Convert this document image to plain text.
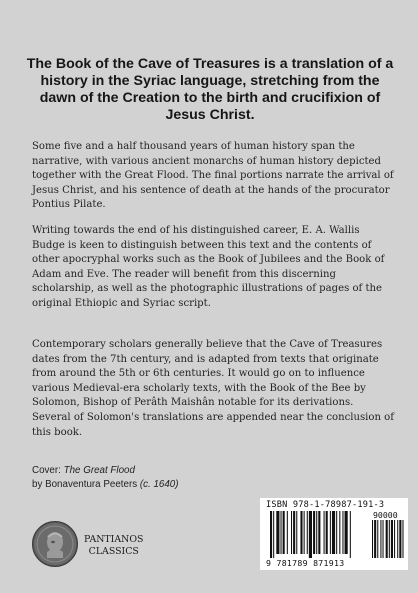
The Book of the Cave of Treasures is a translation of a history in the Syriac language, stretching from the dawn of the Creation to the birth and crucifixion of Jesus Christ.

Some five and a half thousand years of human history span the narrative, with various ancient monarchs of human history depicted together with the Great Flood. The final portions narrate the arrival of Jesus Christ, and his sentence of death at the hands of the procurator Pontius Pilate.

Writing towards the end of his distinguished career, E. A. Wallis Budge is keen to distinguish between this text and the contents of other apocryphal works such as the Book of Jubilees and the Book of Adam and Eve. The reader will benefit from this discerning scholarship, as well as the photographic illustrations of pages of the original Ethiopic and Syriac script.

Contemporary scholars generally believe that the Cave of Treasures dates from the 7th century, and is adapted from texts that originate from around the 5th or 6th centuries. It would go on to influence various Medieval-era scholarly texts, with the Book of the Bee by Solomon, Bishop of Perâth Maishân notable for its derivations. Several of Solomon's translations are appended near the conclusion of this book.

Cover: The Great Flood
by Bonaventura Peeters (c. 1640)
PANTIANOS
CLASSICS
ISBN 978-1-78987-191-3
90000
9 781789 871913
